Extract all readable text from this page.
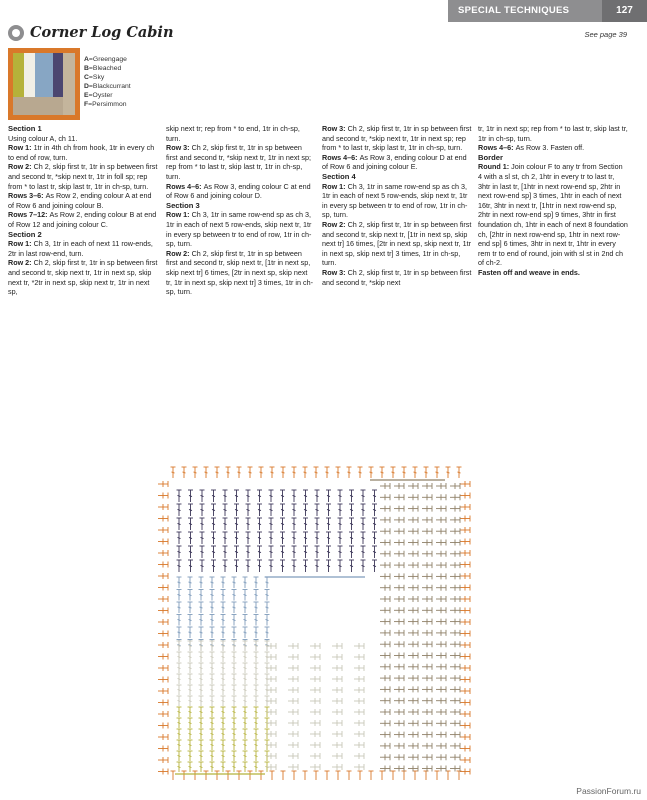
SPECIAL TECHNIQUES	127
See page 39
Corner Log Cabin
A=Greengage
B=Bleached
C=Sky
D=Blackcurrant
E=Oyster
F=Persimmon

Section 1

Using colour A, ch 11.

Row 1: 1tr in 4th ch from hook, 1tr in every ch to end of row, turn.

Row 2: Ch 2, skip first tr, 1tr in sp between first and second tr, *skip next tr, 1tr in foll sp; rep from * to last tr, skip last tr, 1tr in ch-sp, turn.

Rows 3–6: As Row 2, ending colour A at end of Row 6 and joining colour B.

Rows 7–12: As Row 2, ending colour B at end of Row 12 and joining colour C.

Section 2

Row 1: Ch 3, 1tr in each of next 11 row-ends, 2tr in last row-end, turn.

Row 2: Ch 2, skip first tr, 1tr in sp between first and second tr, skip next tr, 1tr in next sp, skip next tr, *2tr in next sp, skip next tr, 1tr in next sp,

skip next tr; rep from * to end, 1tr in ch-sp, turn.

Row 3: Ch 2, skip first tr, 1tr in sp between first and second tr, *skip next tr, 1tr in next sp; rep from * to last tr, skip last tr, 1tr in ch-sp, turn.

Rows 4–6: As Row 3, ending colour C at end of Row 6 and joining colour D.

Section 3

Row 1: Ch 3, 1tr in same row-end sp as ch 3, 1tr in each of next 5 row-ends, skip next tr, 1tr in every sp between tr to end of row, 1tr in ch-sp, turn.

Row 2: Ch 2, skip first tr, 1tr in sp between first and second tr, skip next tr, [1tr in next sp, skip next tr] 6 times, [2tr in next sp, skip next tr, 1tr in next sp, skip next tr] 3 times, 1tr in ch-sp, turn.

Row 3: Ch 2, skip first tr, 1tr in sp between first and second tr, *skip next tr, 1tr in next sp; rep from * to last tr, skip last tr, 1tr in ch-sp, turn.

Rows 4–6: As Row 3, ending colour D at end of Row 6 and joining colour E.

Section 4

Row 1: Ch 3, 1tr in same row-end sp as ch 3, 1tr in each of next 5 row-ends, skip next tr, 1tr in every sp between tr to end of row, 1tr in ch-sp, turn.

Row 2: Ch 2, skip first tr, 1tr in sp between first and second tr, skip next tr, [1tr in next sp, skip next tr] 16 times, [2tr in next sp, skip next tr, 1tr in next sp, skip next tr] 3 times, 1tr in ch-sp, turn.

Row 3: Ch 2, skip first tr, 1tr in sp between first and second tr, *skip next

tr, 1tr in next sp; rep from * to last tr, skip last tr, 1tr in ch-sp, turn.

Rows 4–6: As Row 3. Fasten off.

Border

Round 1: Join colour F to any tr from Section 4 with a sl st, ch 2, 1htr in every tr to last tr, 3htr in last tr, [1htr in next row-end sp, 2htr in next row-end sp] 3 times, 1htr in each of next 16tr, 3htr in next tr, [1htr in next row-end sp, 2htr in next row-end sp] 9 times, 3htr in first foundation ch, 1htr in each of next 8 foundation ch, [2htr in next row-end sp, 1htr in next row-end sp] 6 times, 3htr in next tr, 1htr in every rem tr to end of round, join with sl st in 2nd ch of ch-2.

Fasten off and weave in ends.

PassionForum.ru
